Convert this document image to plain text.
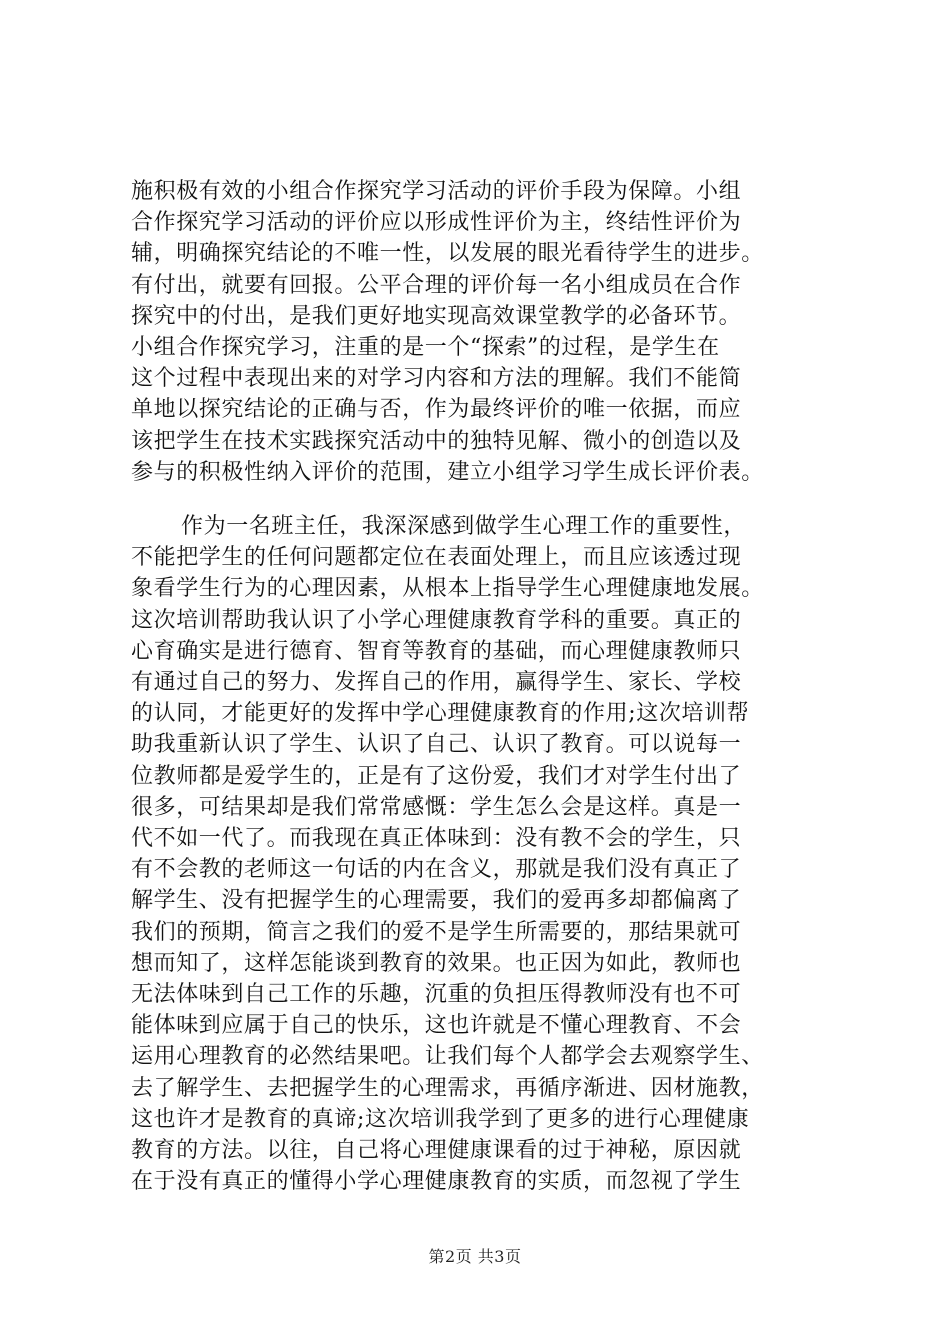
施积极有效的小组合作探究学习活动的评价手段为保障。小组
合作探究学习活动的评价应以形成性评价为主，终结性评价为
辅，明确探究结论的不唯一性，以发展的眼光看待学生的进步。
有付出，就要有回报。公平合理的评价每一名小组成员在合作
探究中的付出，是我们更好地实现高效课堂教学的必备环节。
小组合作探究学习，注重的是一个“探索”的过程，是学生在
这个过程中表现出来的对学习内容和方法的理解。我们不能简
单地以探究结论的正确与否，作为最终评价的唯一依据，而应
该把学生在技术实践探究活动中的独特见解、微小的创造以及
参与的积极性纳入评价的范围，建立小组学习学生成长评价表。
作为一名班主任，我深深感到做学生心理工作的重要性，
不能把学生的任何问题都定位在表面处理上，而且应该透过现
象看学生行为的心理因素，从根本上指导学生心理健康地发展。
这次培训帮助我认识了小学心理健康教育学科的重要。真正的
心育确实是进行德育、智育等教育的基础，而心理健康教师只
有通过自己的努力、发挥自己的作用，赢得学生、家长、学校
的认同，才能更好的发挥中学心理健康教育的作用;这次培训帮
助我重新认识了学生、认识了自己、认识了教育。可以说每一
位教师都是爱学生的，正是有了这份爱，我们才对学生付出了
很多，可结果却是我们常常感慨：学生怎么会是这样。真是一
代不如一代了。而我现在真正体味到：没有教不会的学生，只
有不会教的老师这一句话的内在含义，那就是我们没有真正了
解学生、没有把握学生的心理需要，我们的爱再多却都偏离了
我们的预期，简言之我们的爱不是学生所需要的，那结果就可
想而知了，这样怎能谈到教育的效果。也正因为如此，教师也
无法体味到自己工作的乐趣，沉重的负担压得教师没有也不可
能体味到应属于自己的快乐，这也许就是不懂心理教育、不会
运用心理教育的必然结果吧。让我们每个人都学会去观察学生、
去了解学生、去把握学生的心理需求，再循序渐进、因材施教，
这也许才是教育的真谛;这次培训我学到了更多的进行心理健康
教育的方法。以往，自己将心理健康课看的过于神秘，原因就
在于没有真正的懂得小学心理健康教育的实质，而忽视了学生
第2页 共3页
